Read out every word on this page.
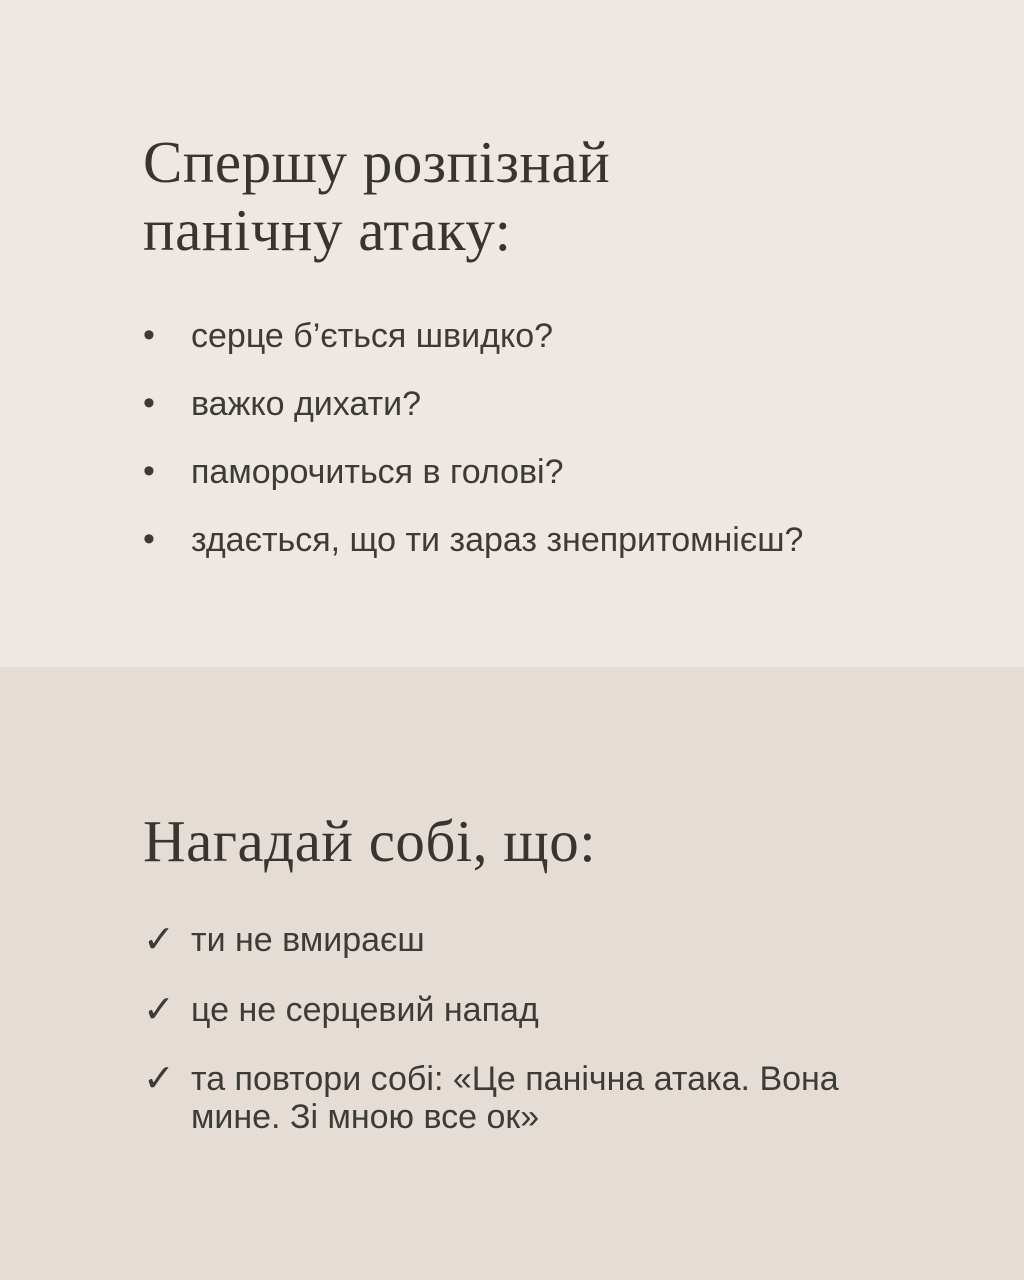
Спершу розпізнай панічну атаку:
•	серце б’ється швидко?
•	важко дихати?
•	паморочиться в голові?
•	здається, що ти зараз знепритомнієш?
Нагадай собі, що:
✓ ти не вмираєш
✓ це не серцевий напад
✓ та повтори собі: «Це панічна атака. Вона мине. Зі мною все ок»
